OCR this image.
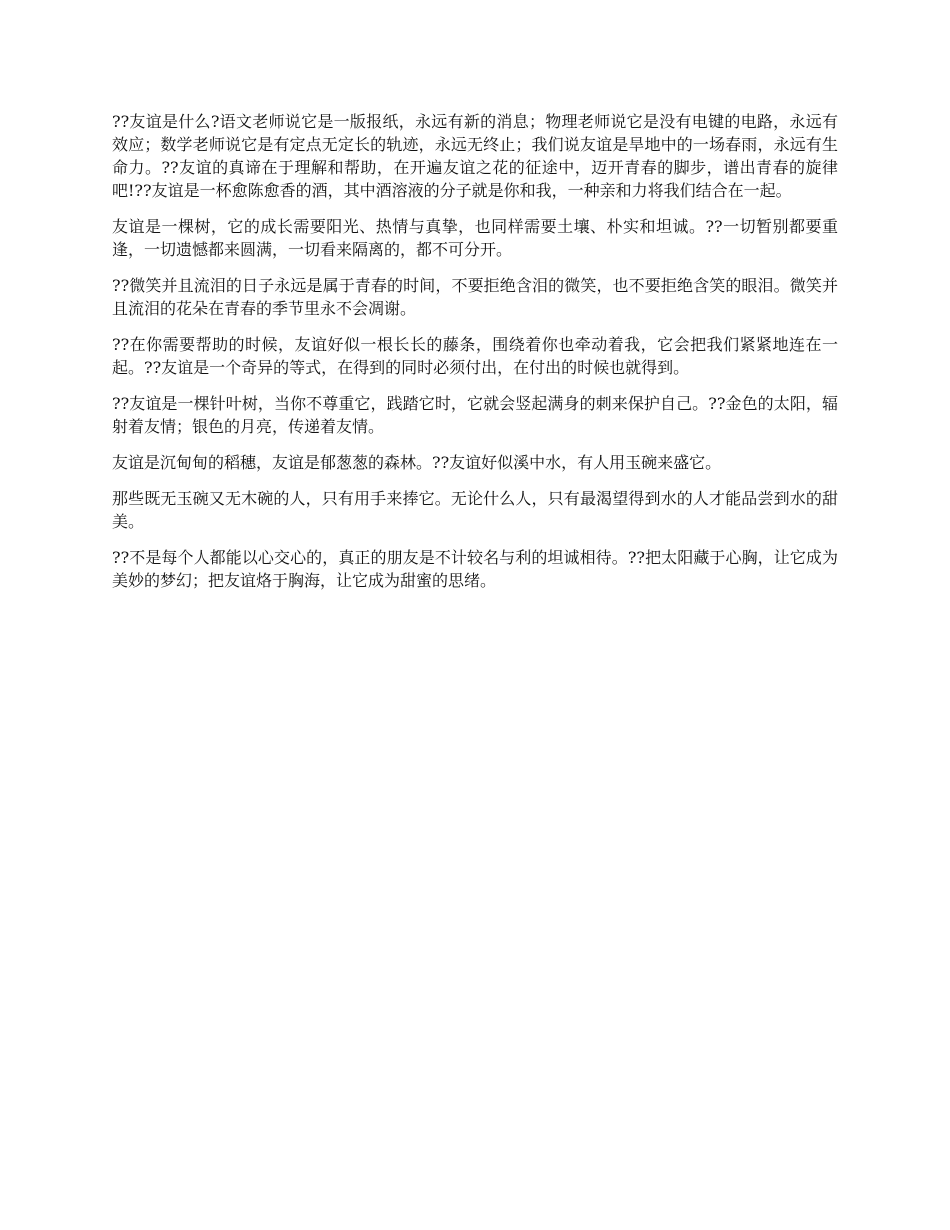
??友谊是什么?语文老师说它是一版报纸，永远有新的消息；物理老师说它是没有电键的电路，永远有效应；数学老师说它是有定点无定长的轨迹，永远无终止；我们说友谊是旱地中的一场春雨，永远有生命力。??友谊的真谛在于理解和帮助，在开遍友谊之花的征途中，迈开青春的脚步，谱出青春的旋律吧!??友谊是一杯愈陈愈香的酒，其中酒溶液的分子就是你和我，一种亲和力将我们结合在一起。

友谊是一棵树，它的成长需要阳光、热情与真挚，也同样需要土壤、朴实和坦诚。??一切暂别都要重逢，一切遗憾都来圆满，一切看来隔离的，都不可分开。

??微笑并且流泪的日子永远是属于青春的时间，不要拒绝含泪的微笑，也不要拒绝含笑的眼泪。微笑并且流泪的花朵在青春的季节里永不会凋谢。

??在你需要帮助的时候，友谊好似一根长长的藤条，围绕着你也牵动着我，它会把我们紧紧地连在一起。??友谊是一个奇异的等式，在得到的同时必须付出，在付出的时候也就得到。

??友谊是一棵针叶树，当你不尊重它，践踏它时，它就会竖起满身的刺来保护自己。??金色的太阳，辐射着友情；银色的月亮，传递着友情。

友谊是沉甸甸的稻穗，友谊是郁葱葱的森林。??友谊好似溪中水，有人用玉碗来盛它。

那些既无玉碗又无木碗的人，只有用手来捧它。无论什么人，只有最渴望得到水的人才能品尝到水的甜美。

??不是每个人都能以心交心的，真正的朋友是不计较名与利的坦诚相待。??把太阳藏于心胸，让它成为美妙的梦幻；把友谊烙于胸海，让它成为甜蜜的思绪。
